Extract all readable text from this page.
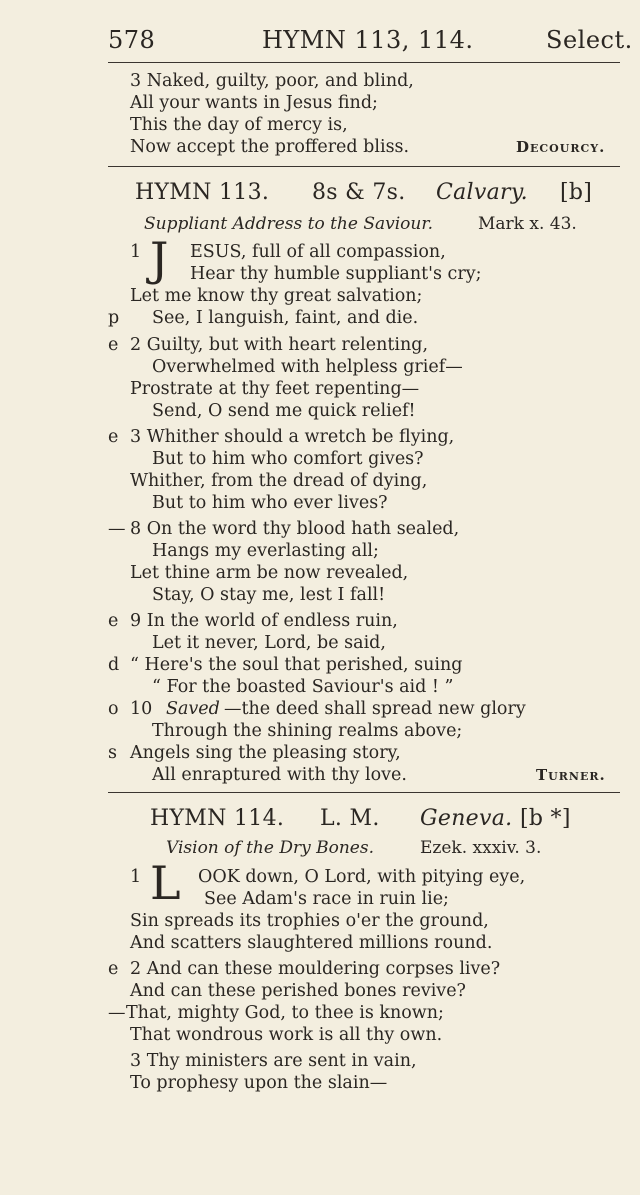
578	HYMN 113, 114.	Select.
3 Naked, guilty, poor, and blind,
All your wants in Jesus find;
This the day of mercy is,
Now accept the proffered bliss.	Decourcy.
HYMN 113. 8s & 7s. Calvary. [b]
Suppliant Address to the Saviour.	Mark x. 43.
1 J ESUS, full of all compassion,
Hear thy humble suppliant's cry;
Let me know thy great salvation;
p See, I languish, faint, and die.
e 2 Guilty, but with heart relenting,
Overwhelmed with helpless grief—
Prostrate at thy feet repenting—
Send, O send me quick relief!
e 3 Whither should a wretch be flying,
But to him who comfort gives?
Whither, from the dread of dying,
But to him who ever lives?
— 8 On the word thy blood hath sealed,
Hangs my everlasting all;
Let thine arm be now revealed,
Stay, O stay me, lest I fall!
e 9 In the world of endless ruin,
Let it never, Lord, be said,
d “ Here's the soul that perished, suing
“ For the boasted Saviour's aid ! ”
o 10 Saved —the deed shall spread new glory
Through the shining realms above;
s Angels sing the pleasing story,
All enraptured with thy love.	Turner.
HYMN 114. L. M. Geneva. [b *]
Vision of the Dry Bones.	Ezek. xxxiv. 3.
1 L OOK down, O Lord, with pitying eye,
See Adam's race in ruin lie;
Sin spreads its trophies o'er the ground,
And scatters slaughtered millions round.
e 2 And can these mouldering corpses live?
And can these perished bones revive?
— That, mighty God, to thee is known;
That wondrous work is all thy own.
3 Thy ministers are sent in vain,
To prophesy upon the slain—
